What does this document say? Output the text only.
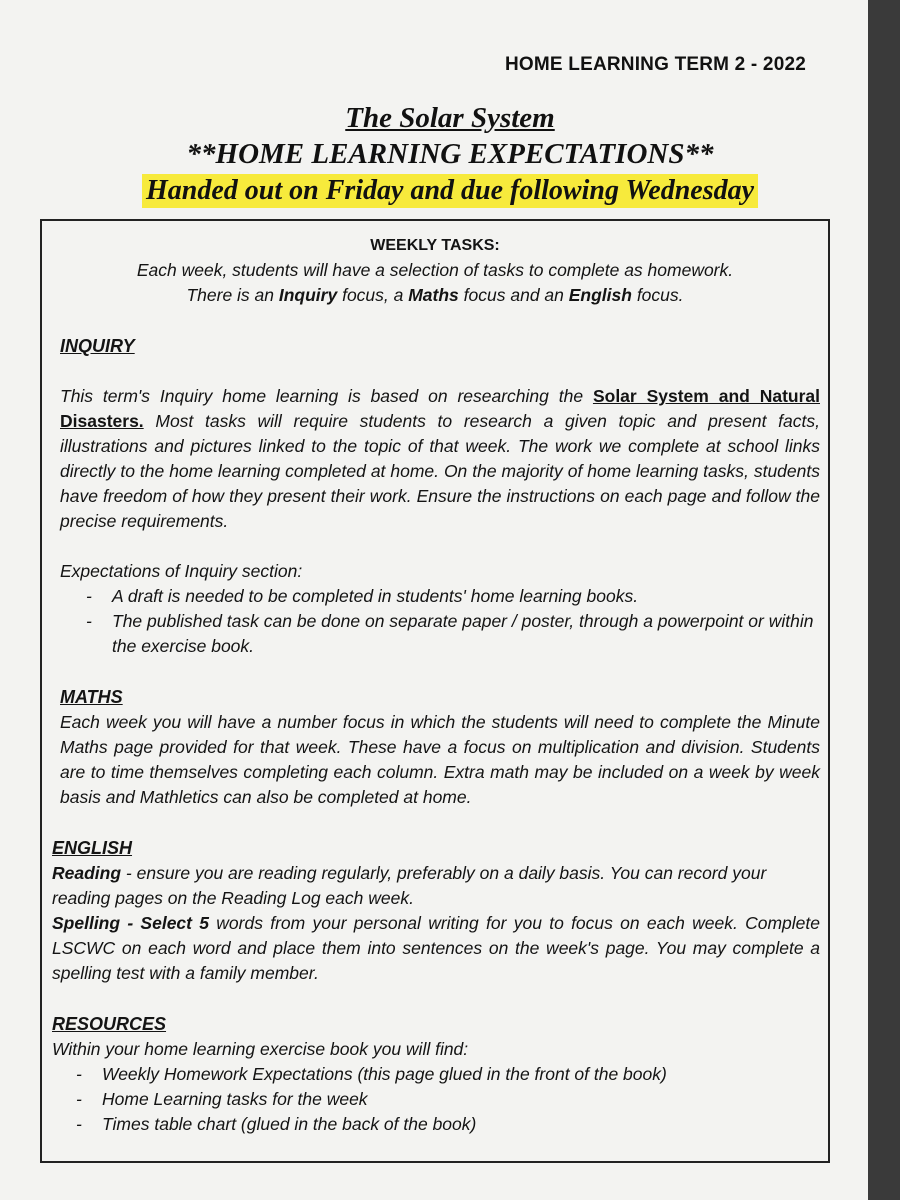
HOME LEARNING TERM 2 - 2022
The Solar System
**HOME LEARNING EXPECTATIONS**
Handed out on Friday and due following Wednesday
WEEKLY TASKS:
Each week, students will have a selection of tasks to complete as homework.
There is an Inquiry focus, a Maths focus and an English focus.
INQUIRY
This term's Inquiry home learning is based on researching the Solar System and Natural Disasters. Most tasks will require students to research a given topic and present facts, illustrations and pictures linked to the topic of that week. The work we complete at school links directly to the home learning completed at home. On the majority of home learning tasks, students have freedom of how they present their work. Ensure the instructions on each page and follow the precise requirements.
Expectations of Inquiry section:
- A draft is needed to be completed in students' home learning books.
- The published task can be done on separate paper / poster, through a powerpoint or within the exercise book.
MATHS
Each week you will have a number focus in which the students will need to complete the Minute Maths page provided for that week. These have a focus on multiplication and division. Students are to time themselves completing each column. Extra math may be included on a week by week basis and Mathletics can also be completed at home.
ENGLISH
Reading - ensure you are reading regularly, preferably on a daily basis. You can record your reading pages on the Reading Log each week.
Spelling - Select 5 words from your personal writing for you to focus on each week. Complete LSCWC on each word and place them into sentences on the week's page. You may complete a spelling test with a family member.
RESOURCES
Within your home learning exercise book you will find:
- Weekly Homework Expectations (this page glued in the front of the book)
- Home Learning tasks for the week
- Times table chart (glued in the back of the book)
